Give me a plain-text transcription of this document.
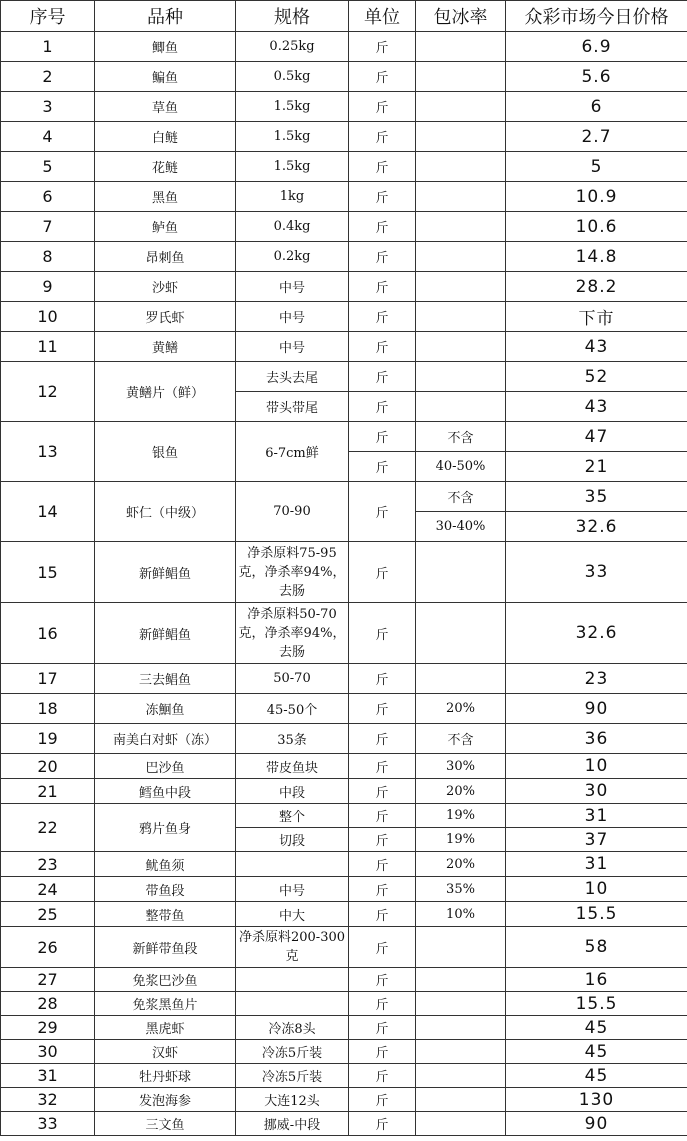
序号	品种	规格	单位	包冰率	众彩市场今日价格
1	鲫鱼	0.25kg	斤		6.9
2	鳊鱼	0.5kg	斤		5.6
3	草鱼	1.5kg	斤		6
4	白鲢	1.5kg	斤		2.7
5	花鲢	1.5kg	斤		5
6	黑鱼	1kg	斤		10.9
7	鲈鱼	0.4kg	斤		10.6
8	昂刺鱼	0.2kg	斤		14.8
9	沙虾	中号	斤		28.2
10	罗氏虾	中号	斤		下市
11	黄鳝	中号	斤		43
12	黄鳝片（鲜）	去头去尾	斤		52
		带头带尾	斤		43
13	银鱼	6-7cm鲜	斤	不含	47
			斤	40-50%	21
14	虾仁（中级）	70-90	斤	不含	35
				30-40%	32.6
15	新鲜鲳鱼	净杀原料75-95克，净杀率94%，去肠	斤		33
16	新鲜鲳鱼	净杀原料50-70克，净杀率94%，去肠	斤		32.6
17	三去鲳鱼	50-70	斤		23
18	冻鮰鱼	45-50个	斤	20%	90
19	南美白对虾（冻）	35条	斤	不含	36
20	巴沙鱼	带皮鱼块	斤	30%	10
21	鳕鱼中段	中段	斤	20%	30
22	鸦片鱼身	整个	斤	19%	31
		切段	斤	19%	37
23	鱿鱼须		斤	20%	31
24	带鱼段	中号	斤	35%	10
25	整带鱼	中大	斤	10%	15.5
26	新鲜带鱼段	净杀原料200-300克	斤		58
27	免浆巴沙鱼		斤		16
28	免浆黑鱼片		斤		15.5
29	黑虎虾	冷冻8头	斤		45
30	汉虾	冷冻5斤装	斤		45
31	牡丹虾球	冷冻5斤装	斤		45
32	发泡海参	大连12头	斤		130
33	三文鱼	挪威-中段	斤		90
